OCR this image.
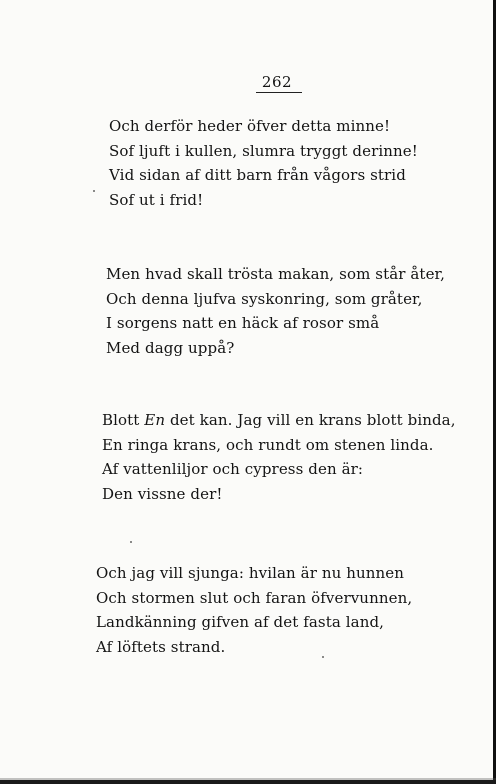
262
Och derför heder öfver detta minne!
Sof ljuft i kullen, slumra tryggt derinne!
Vid sidan af ditt barn från vågors strid
Sof ut i frid!
Men hvad skall trösta makan, som står åter,
Och denna ljufva syskonring, som gråter,
I sorgens natt en häck af rosor små
Med dagg uppå?
Blott En det kan. Jag vill en krans blott binda,
En ringa krans, och rundt om stenen linda.
Af vattenliljor och cypress den är:
Den vissne der!
Och jag vill sjunga: hvilan är nu hunnen
Och stormen slut och faran öfvervunnen,
Landkänning gifven af det fasta land,
Af löftets strand.
